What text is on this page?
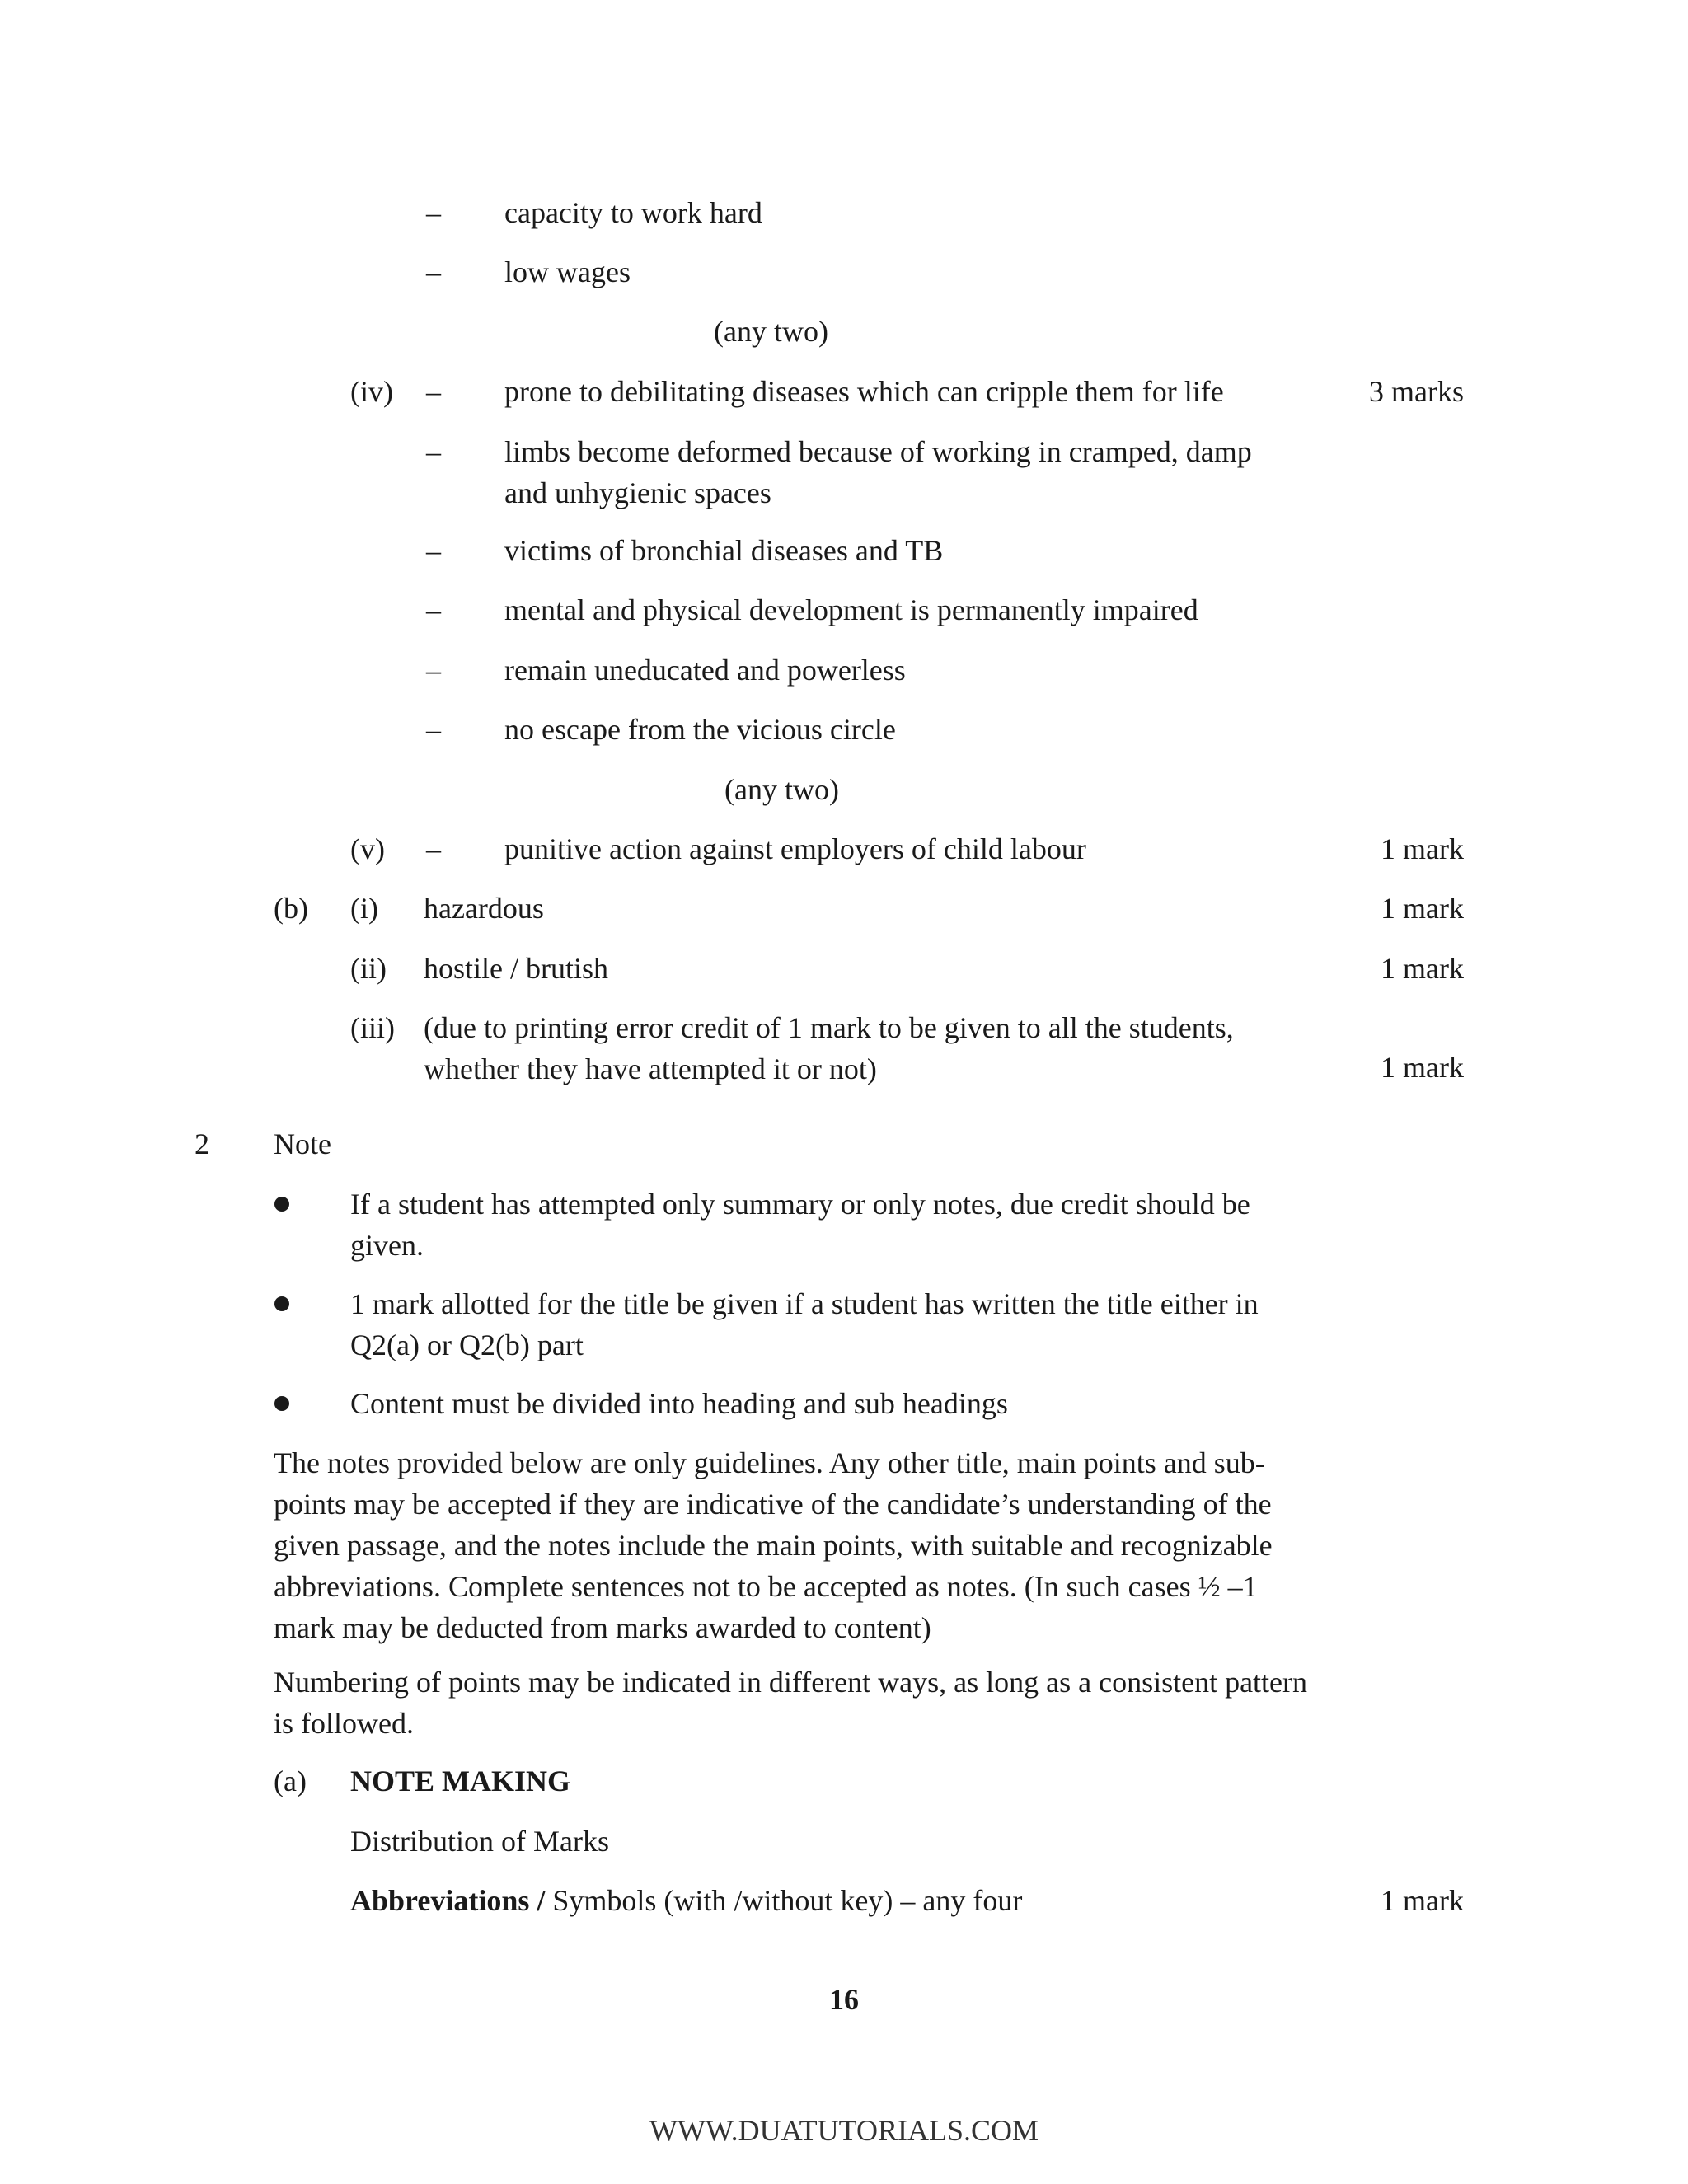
– capacity to work hard
– low wages
(any two)
(iv) – prone to debilitating diseases which can cripple them for life	3 marks
– limbs become deformed because of working in cramped, damp and unhygienic spaces
– victims of bronchial diseases and TB
– mental and physical development is permanently impaired
– remain uneducated and powerless
– no escape from the vicious circle
(any two)
(v) – punitive action against employers of child labour	1 mark
(b) (i) hazardous	1 mark
(ii) hostile / brutish	1 mark
(iii) (due to printing error credit of 1 mark to be given to all the students, whether they have attempted it or not)	1 mark
2 Note
If a student has attempted only summary or only notes, due credit should be given.
1 mark allotted for the title be given if a student has written the title either in Q2(a) or Q2(b) part
Content must be divided into heading and sub headings
The notes provided below are only guidelines. Any other title, main points and sub-points may be accepted if they are indicative of the candidate’s understanding of the given passage, and the notes include the main points, with suitable and recognizable abbreviations. Complete sentences not to be accepted as notes. (In such cases ½ –1 mark may be deducted from marks awarded to content)
Numbering of points may be indicated in different ways, as long as a consistent pattern is followed.
(a) NOTE MAKING
Distribution of Marks
Abbreviations / Symbols (with /without key) – any four	1 mark
16
WWW.DUATUTORIALS.COM
